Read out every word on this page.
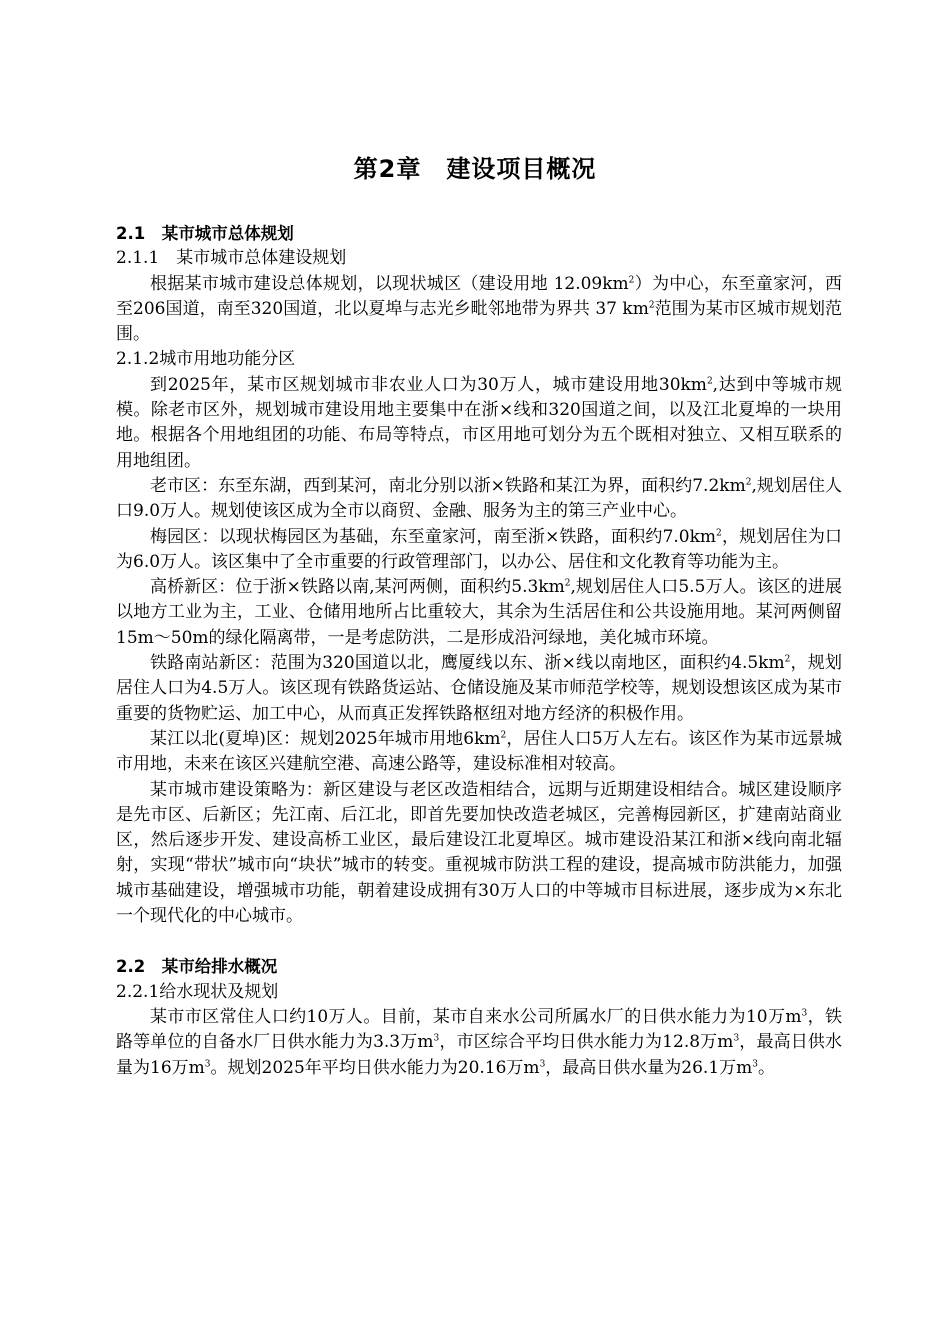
第2章　建设项目概况
2.1　某市城市总体规划
2.1.1　某市城市总体建设规划

根据某市城市建设总体规划，以现状城区（建设用地 $12.09km^2$）为中心，东至童家河，西至206国道，南至320国道，北以夏埠与志光乡毗邻地带为界共 37 $km^2$范围为某市区城市规划范围。

2.1.2城市用地功能分区

到2025年，某市区规划城市非农业人口为30万人，城市建设用地$30km^2$,达到中等城市规模。除老市区外，规划城市建设用地主要集中在浙×线和320国道之间，以及江北夏埠的一块用地。根据各个用地组团的功能、布局等特点，市区用地可划分为五个既相对独立、又相互联系的用地组团。

老市区：东至东湖，西到某河，南北分别以浙×铁路和某江为界，面积约$7.2km^2$,规划居住人口9.0万人。规划使该区成为全市以商贸、金融、服务为主的第三产业中心。

梅园区：以现状梅园区为基础，东至童家河，南至浙×铁路，面积约$7.0km^2$，规划居住为口为6.0万人。该区集中了全市重要的行政管理部门，以办公、居住和文化教育等功能为主。

高桥新区：位于浙×铁路以南,某河两侧，面积约$5.3km^2$,规划居住人口5.5万人。该区的进展以地方工业为主，工业、仓储用地所占比重较大，其余为生活居住和公共设施用地。某河两侧留15m～50m的绿化隔离带，一是考虑防洪，二是形成沿河绿地，美化城市环境。

铁路南站新区：范围为320国道以北，鹰厦线以东、浙×线以南地区，面积约$4.5km^2$，规划居住人口为4.5万人。该区现有铁路货运站、仓储设施及某市师范学校等，规划设想该区成为某市重要的货物贮运、加工中心，从而真正发挥铁路枢纽对地方经济的积极作用。

某江以北(夏埠)区：规划2025年城市用地$6km^2$，居住人口5万人左右。该区作为某市远景城市用地，未来在该区兴建航空港、高速公路等，建设标准相对较高。

某市城市建设策略为：新区建设与老区改造相结合，远期与近期建设相结合。城区建设顺序是先市区、后新区；先江南、后江北，即首先要加快改造老城区，完善梅园新区，扩建南站商业区，然后逐步开发、建设高桥工业区，最后建设江北夏埠区。城市建设沿某江和浙×线向南北辐射，实现“带状”城市向“块状”城市的转变。重视城市防洪工程的建设，提高城市防洪能力，加强城市基础建设，增强城市功能，朝着建设成拥有30万人口的中等城市目标进展，逐步成为×东北一个现代化的中心城市。

2.2　某市给排水概况
2.2.1给水现状及规划

某市市区常住人口约10万人。目前，某市自来水公司所属水厂的日供水能力为10万$m^3$，铁路等单位的自备水厂日供水能力为3.3万$m^3$，市区综合平均日供水能力为12.8万$m^3$，最高日供水量为16万$m^3$。规划2025年平均日供水能力为20.16万$m^3$，最高日供水量为26.1万$m^3$。
